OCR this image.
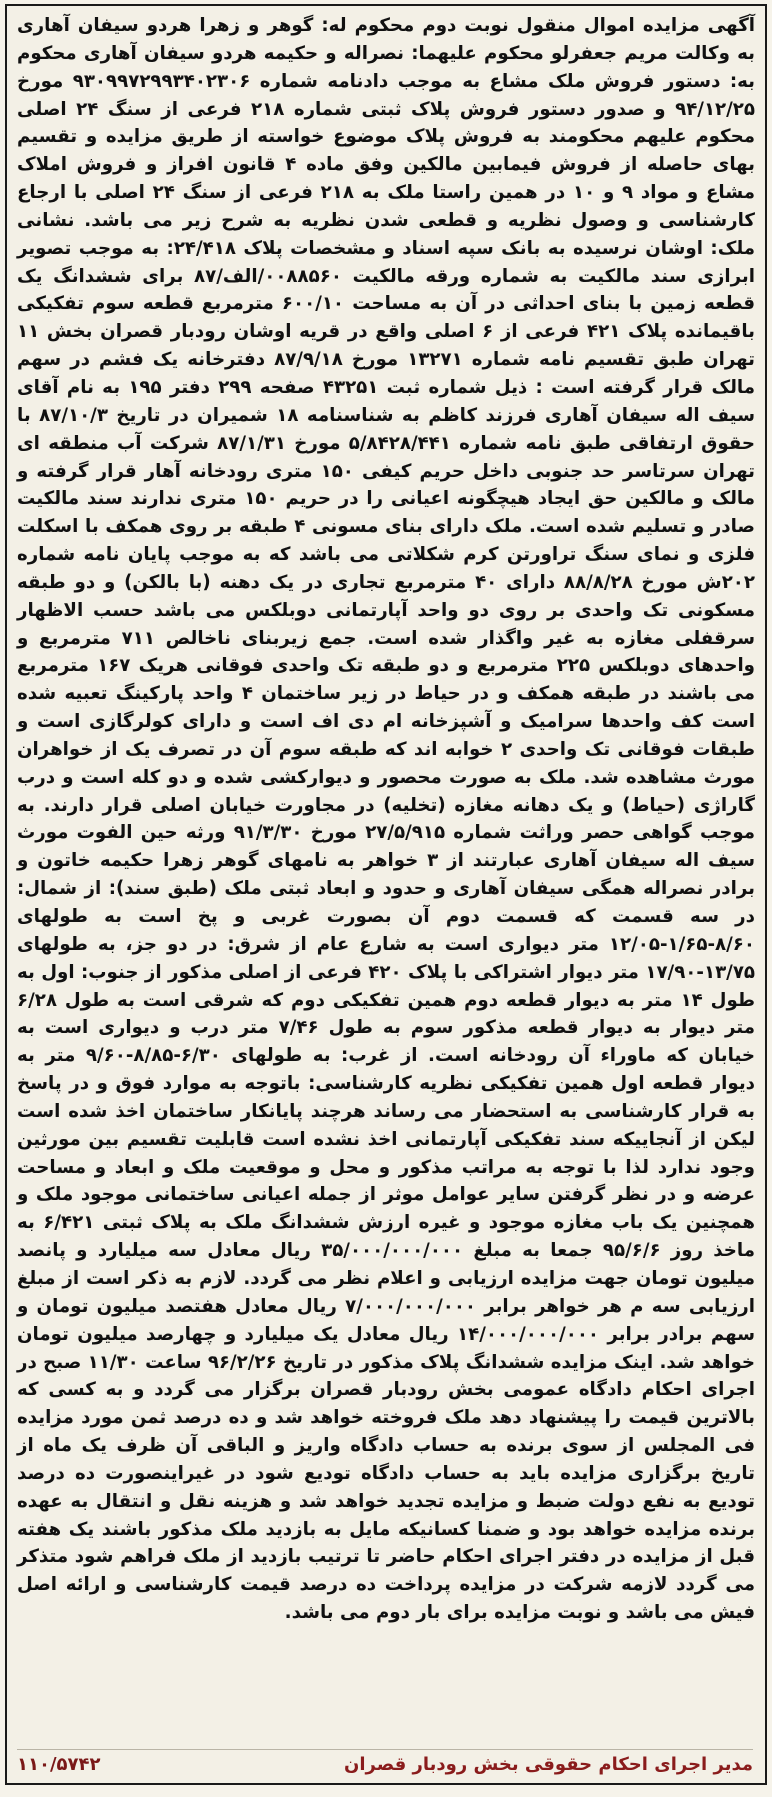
آگهی مزایده اموال منقول نوبت دوم محکوم له: گوهر و زهرا هردو سیفان آهاری به وکالت مریم جعفرلو محکوم علیهما: نصراله و حکیمه هردو سیفان آهاری محکوم به: دستور فروش ملک مشاع به موجب دادنامه شماره ۹۳۰۹۹۷۲۹۹۳۴۰۲۳۰۶ مورخ ۹۴/۱۲/۲۵ و صدور دستور فروش پلاک ثبتی شماره ۲۱۸ فرعی از سنگ ۲۴ اصلی محکوم علیهم محکومند به فروش پلاک موضوع خواسته از طریق مزایده و تقسیم بهای حاصله از فروش فیمابین مالکین وفق ماده ۴ قانون افراز و فروش املاک مشاع و مواد ۹ و ۱۰ در همین راستا ملک به ۲۱۸ فرعی از سنگ ۲۴ اصلی با ارجاع کارشناسی و وصول نظریه و قطعی شدن نظریه به شرح زیر می باشد. نشانی ملک: اوشان نرسیده به بانک سپه اسناد و مشخصات پلاک ۲۴/۴۱۸: به موجب تصویر ابرازی سند مالکیت به شماره ورقه مالکیت ۰۰۸۸۵۶۰/الف/۸۷ برای ششدانگ یک قطعه زمین با بنای احداثی در آن به مساحت ۶۰۰/۱۰ مترمربع قطعه سوم تفکیکی باقیمانده پلاک ۴۲۱ فرعی از ۶ اصلی واقع در قریه اوشان رودبار قصران بخش ۱۱ تهران طبق تقسیم نامه شماره ۱۳۲۷۱ مورخ ۸۷/۹/۱۸ دفترخانه یک فشم در سهم مالک قرار گرفته است : ذیل شماره ثبت ۴۳۲۵۱ صفحه ۲۹۹ دفتر ۱۹۵ به نام آقای سیف اله سیفان آهاری فرزند کاظم به شناسنامه ۱۸ شمیران در تاریخ ۸۷/۱۰/۳ با حقوق ارتفاقی طبق نامه شماره ۵/۸۴۲۸/۴۴۱ مورخ ۸۷/۱/۳۱ شرکت آب منطقه ای تهران سرتاسر حد جنوبی داخل حریم کیفی ۱۵۰ متری رودخانه آهار قرار گرفته و مالک و مالکین حق ایجاد هیچگونه اعیانی را در حریم ۱۵۰ متری ندارند سند مالکیت صادر و تسلیم شده است. ملک دارای بنای مسونی ۴ طبقه بر روی همکف با اسکلت فلزی و نمای سنگ تراورتن کرم شکلاتی می باشد که به موجب پایان نامه شماره ۲۰۲ش مورخ ۸۸/۸/۲۸ دارای ۴۰ مترمربع تجاری در یک دهنه (با بالکن) و دو طبقه مسکونی تک واحدی بر روی دو واحد آپارتمانی دوبلکس می باشد حسب الاظهار سرقفلی مغازه به غیر واگذار شده است. جمع زیربنای ناخالص ۷۱۱ مترمربع و واحدهای دوبلکس ۲۲۵ مترمربع و دو طبقه تک واحدی فوقانی هریک ۱۶۷ مترمربع می باشند در طبقه همکف و در حیاط در زیر ساختمان ۴ واحد پارکینگ تعبیه شده است کف واحدها سرامیک و آشپزخانه ام دی اف است و دارای کولرگازی است و طبقات فوقانی تک واحدی ۲ خوابه اند که طبقه سوم آن در تصرف یک از خواهران مورث مشاهده شد. ملک به صورت محصور و دیوارکشی شده و دو کله است و درب گاراژی (حیاط) و یک دهانه مغازه (تخلیه) در مجاورت خیابان اصلی قرار دارند. به موجب گواهی حصر وراثت شماره ۲۷/۵/۹۱۵ مورخ ۹۱/۳/۳۰ ورثه حین الفوت مورث سیف اله سیفان آهاری عبارتند از ۳ خواهر به نامهای گوهر زهرا حکیمه خاتون و برادر نصراله همگی سیفان آهاری و حدود و ابعاد ثبتی ملک (طبق سند): از شمال: در سه قسمت که قسمت دوم آن بصورت غربی و پخ است به طولهای ۸/۶۰-۱/۶۵-۱۲/۰۵ متر دیواری است به شارع عام از شرق: در دو جز، به طولهای ۱۳/۷۵-۱۷/۹۰ متر دیوار اشتراکی با پلاک ۴۲۰ فرعی از اصلی مذکور از جنوب: اول به طول ۱۴ متر به دیوار قطعه دوم همین تفکیکی دوم که شرقی است به طول ۶/۲۸ متر دیوار به دیوار قطعه مذکور سوم به طول ۷/۴۶ متر درب و دیواری است به خیابان که ماوراء آن رودخانه است. از غرب: به طولهای ۶/۳۰-۸/۸۵-۹/۶۰ متر به دیوار قطعه اول همین تفکیکی نظریه کارشناسی: باتوجه به موارد فوق و در پاسخ به قرار کارشناسی به استحضار می رساند هرچند پایانکار ساختمان اخذ شده است لیکن از آنجاییکه سند تفکیکی آپارتمانی اخذ نشده است قابلیت تقسیم بین مورثین وجود ندارد لذا با توجه به مراتب مذکور و محل و موقعیت ملک و ابعاد و مساحت عرضه و در نظر گرفتن سایر عوامل موثر از جمله اعیانی ساختمانی موجود ملک و همچنین یک باب مغازه موجود و غیره ارزش ششدانگ ملک به پلاک ثبتی ۶/۴۲۱ به ماخذ روز ۹۵/۶/۶ جمعا به مبلغ ۳۵/۰۰۰/۰۰۰/۰۰۰ ریال معادل سه میلیارد و پانصد میلیون تومان جهت مزایده ارزیابی و اعلام نظر می گردد. لازم به ذکر است از مبلغ ارزیابی سه م هر خواهر برابر ۷/۰۰۰/۰۰۰/۰۰۰ ریال معادل هفتصد میلیون تومان و سهم برادر برابر ۱۴/۰۰۰/۰۰۰/۰۰۰ ریال معادل یک میلیارد و چهارصد میلیون تومان خواهد شد. اینک مزایده ششدانگ پلاک مذکور در تاریخ ۹۶/۲/۲۶ ساعت ۱۱/۳۰ صبح در اجرای احکام دادگاه عمومی بخش رودبار قصران برگزار می گردد و به کسی که بالاترین قیمت را پیشنهاد دهد ملک فروخته خواهد شد و ده درصد ثمن مورد مزایده فی المجلس از سوی برنده به حساب دادگاه واریز و الباقی آن ظرف یک ماه از تاریخ برگزاری مزایده باید به حساب دادگاه تودیع شود در غیراینصورت ده درصد تودیع به نفع دولت ضبط و مزایده تجدید خواهد شد و هزینه نقل و انتقال به عهده برنده مزایده خواهد بود و ضمنا کسانیکه مایل به بازدید ملک مذکور باشند یک هفته قبل از مزایده در دفتر اجرای احکام حاضر تا ترتیب بازدید از ملک فراهم شود متذکر می گردد لازمه شرکت در مزایده پرداخت ده درصد قیمت کارشناسی و ارائه اصل فیش می باشد و نوبت مزایده برای بار دوم می باشد.

مدیر اجرای احکام حقوقی بخش رودبار قصران
۱۱۰/۵۷۴۲
